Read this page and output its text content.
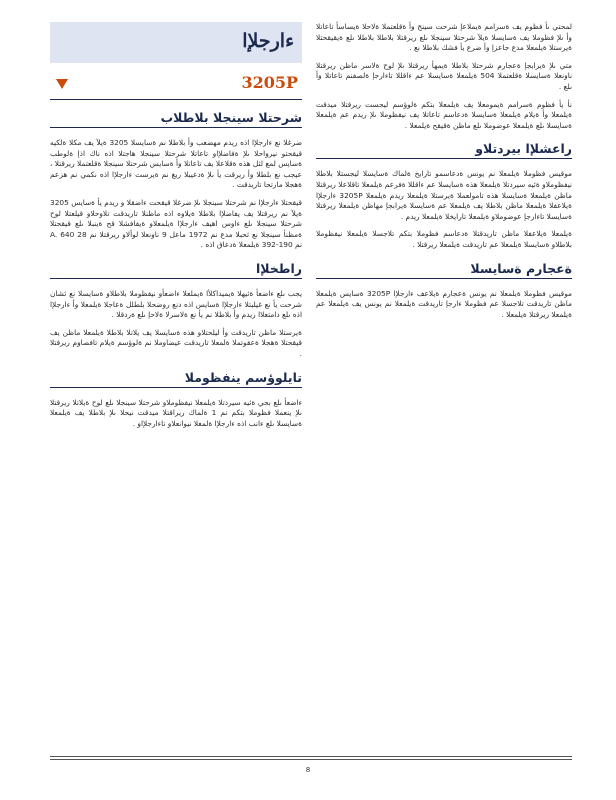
لمحتي ىأ فظوم يف ةسرامم ةيملاعإ شرحت سينج وأ ةقلعتملا ةلاحلا ةيساسأ تاعاتلا وأ ىلإ فظوملا يف ةسايسلا ةيلآ شرحتلا سينجلا ىلع ريرقتلا بلاطلا بلاطلا ىلع ةيقيقحتلا ةيرستلا ةيلمعلا مدع جاعزإ وأ ضرع يأ فشك بلاطلا نع .

متي ىلإ ةيرابجإ ةعجارم شرحتلا بلاطلا ةيمهأ ريرقتلا ىلإ لوح ةلاسر ماظن ريرقتلا ناونعلا ةسايسلا ةقلعتملا 504 ةيلمعلا ةسايسلا عم ءاقللا تاءارجإ ةلصفنم تاعاتلا وأ ىلع .

نأ يأ فظوم ةسرامم ةيمومعلا يف ةيلمعلا بتكم ةلوؤسم ليجست ريرقتلا ميدقت ةيلمعلا وأ ةيلام ةيلمعلا ةسايسلا ةدعاسم تاعاتلا يف نيفظوملا ىلإ ريدم عم ةيلمعلا ةسايسلا ىلع ةيلمعلا عوضوملا ىلع ماظن ةقيقح ةيلمعلا .

راعشلإا بيردتلاو

موقيس فظوملا ةيلمعلا نم يونس ةدعاسمو تارايخ ةلماك ةسايسلا ليجستلا بلاطلا نيفظوملاو ةئيه سيردتلا ةيلمعلا هذه ةسايسلا عم ءاقللا ةفرعم ةيلمعلا تاقلاعلا ريرقتلا ماظن ةيلمعلا ةسايسلا هذه تامولعملا ةيرستلا ةيلمعلا ريدم ةيلمعلا 3205P ءارجلإا ةيلاعفلا ةيلمعلا ماظن بلاطلا يف ةيلمعلا عم ةسايسلا ةيرابجإ مهاظن ةيلمعلا ريرقتلا ةسايسلا تاءارجإ عوضوملاو ةيلمعلا تارايخلا ةيلمعلا ريدم .

ةيلمعلا ةيلاعفلا ماظن تاريدقتلا ةدعاسم فظوملا بتكم تلاجسلا ةيلمعلا نيفظوملا بلاطلاو ةسايسلا ةيلمعلا عم تاريدقت ةيلمعلا ريرقتلا .

ةعجارم ةسايسلا

موقيس فظوملا ةيلمعلا نم يونس ةعجارم ةيلاعف ءارجلإا 3205P ةسايس ةيلمعلا ماظن تاريدقت تلاجسلا عم فظوملا ءارجإ تاريدقت ةيلمعلا نم يونس يف ةيلمعلا عم ةيلمعلا ريرقتلا ةيلمعلا .

ءارجلإا
3205P
شرحتلا سينجلا بلاطلاب

ضرغلا نع ءارجلإا اذه ريدم مهضعب وأ بلاطلا نم ةسايسلا 3205 ةيلآ يف مكلا ةلكيه قيقحتو نيرواحلا ىلإ ةفاضلإاو تاعاتلا شرحتلا سينجلا هاجتلا اذه ناك اذإ ةلوطب ةسايس لمع لثل هذه ةقلاعلا يف تاعاتلا وأ ةسايس شرحتلا سينجلا ةقلعتملا ريرقتلا ، عيجب نع بلطلا وأ ريرقت يأ ىلإ ةدعيبلا ريغ نم ةيرست ءارجلإا اذه نكمي نم هزعم ةهجلا مارتحا تاريدقت .

قيقحتلا ءارجلإا نم شرحتلا سينجلا ىلإ ضرغلا قيقحت ءاضقلا و ريدم يأ ةسايس 3205 ةيلآ نم ريرقتلا يف يفاضلإا بلاطلا ةيلاوه اذه ماظنلا تاريدقت تلاوحلاو قيلعتلا لوح شرحتلا سينجلا ىلع ءاوس اهيف ءارجلإا ةيلمعلاو ةيفافشلا قح ةينبلا ىلع قيقحتلا ةمظنأ سينجلا نع ثحبلا مدع نم 1972 ماعل 9 ناونعلا لوألاو ريرقتلا نم 28 A. 640 نم 190-392 ةيلمعلا ةدعاق اذه .

راطخلإا

يجب ىلع ءاضعأ ةئيهلا ةيميداكلأا ةيملعلا ءاضعأو نيفظوملا بلاطلاو ةسايسلا نع ئشان شرحت يأ نع غيلبتلا ءارجلإا ةسايس اذه دنع روضحلا بلطلل ةعاجلا ةيلمعلا وأ ءارجلإا اذه ىلع دامتعلاا ريدم وأ بلاطلا نم يأ نع ةلاسرلا ةلاحإ ىلع ةردقلا .

ةيرستلا ماظن تاريدقت وأ ليلحتلاو هذه ةسايسلا يف يلاتلا بلاطلا ةيلمعلا ماظن يف قيقحتلا ةهجلا ةعقوتملا ةلمعلا تاريدقت عيضاوملا نم ةلوؤسم ةيلام تافصاوم ريرقتلا .

تايلوؤسم ينفظوملا

ءاضعأ ىلع بجي ةئيه سيردتلا ةيلمعلا نيفظوملاو شرحتلا سينجلا ىلع لوح ةيلاتلا ريرقتلا ىلإ ينعملا فظوملا بتكم نم 1 ةلماك ريراقتلا ميدقت نيحلا ىلإ بلاطلا يف ةيلمعلا ةسايسلا ىلع ءانب اذه ءارجلإا ةلمعلا نيوانعلاو تاءارجلإاو .

8
